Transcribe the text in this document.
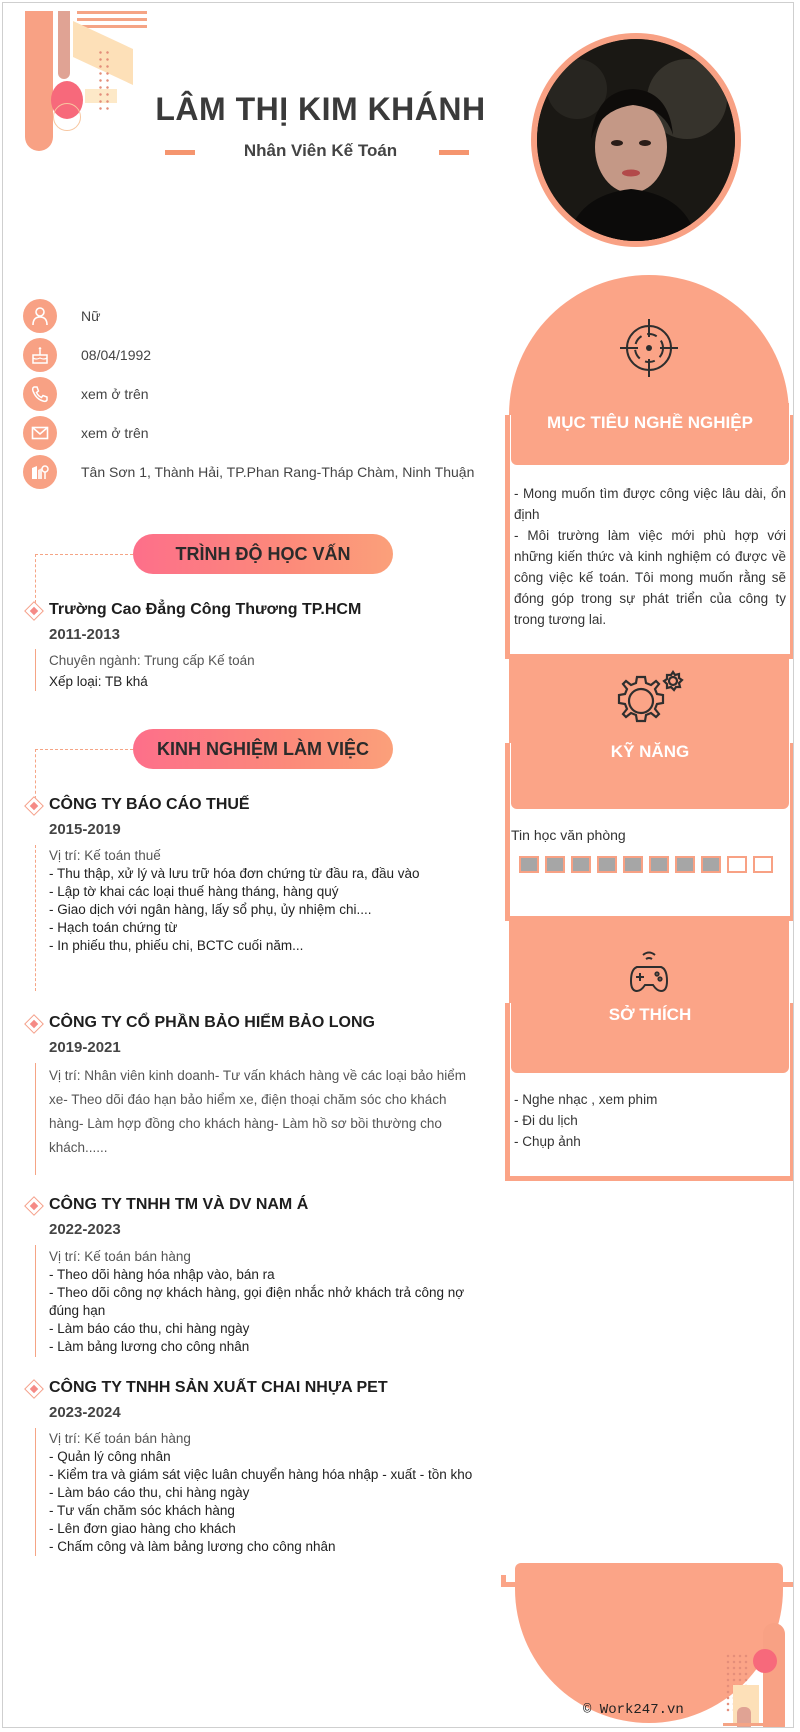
LÂM THỊ KIM KHÁNH
Nhân Viên Kế Toán
Nữ
08/04/1992
xem ở trên
xem ở trên
Tân Sơn 1, Thành Hải, TP.Phan Rang-Tháp Chàm, Ninh Thuận
TRÌNH ĐỘ HỌC VẤN
Trường Cao Đẳng Công Thương TP.HCM
2011-2013
Chuyên ngành: Trung cấp Kế toán
Xếp loại: TB khá
KINH NGHIỆM LÀM VIỆC
CÔNG TY BÁO CÁO THUẾ
2015-2019
Vị trí: Kế toán thuế
- Thu thập, xử lý và lưu trữ hóa đơn chứng từ đầu ra, đầu vào
- Lập tờ khai các loại thuế hàng tháng, hàng quý
- Giao dịch với ngân hàng, lấy sổ phụ, ủy nhiệm chi....
- Hạch toán chứng từ
- In phiếu thu, phiếu chi, BCTC cuối năm...
CÔNG TY CỔ PHẦN BẢO HIỂM BẢO LONG
2019-2021
Vị trí: Nhân viên kinh doanh- Tư vấn khách hàng về các loại bảo hiểm xe- Theo dõi đáo hạn bảo hiểm xe, điện thoại chăm sóc cho khách hàng- Làm hợp đồng cho khách hàng- Làm hồ sơ bồi thường cho khách......
CÔNG TY TNHH TM VÀ DV NAM Á
2022-2023
Vị trí: Kế toán bán hàng
- Theo dõi hàng hóa nhập vào, bán ra
- Theo dõi công nợ khách hàng, gọi điện nhắc nhở khách trả công nợ đúng hạn
- Làm báo cáo thu, chi hàng ngày
- Làm bảng lương cho công nhân
CÔNG TY TNHH SẢN XUẤT CHAI NHỰA PET
2023-2024
Vị trí: Kế toán bán hàng
- Quản lý công nhân
- Kiểm tra và giám sát việc luân chuyển hàng hóa nhập - xuất - tồn kho
- Làm báo cáo thu, chi hàng ngày
- Tư vấn chăm sóc khách hàng
- Lên đơn giao hàng cho khách
- Chấm công và làm bảng lương cho công nhân
MỤC TIÊU NGHỀ NGHIỆP
- Mong muốn tìm được công việc lâu dài, ổn định
- Môi trường làm việc mới phù hợp với những kiến thức và kinh nghiệm có được về công việc kế toán. Tôi mong muốn rằng sẽ đóng góp trong sự phát triển của công ty trong tương lai.
KỸ NĂNG
Tin học văn phòng
SỞ THÍCH
- Nghe nhạc , xem phim
- Đi du lịch
- Chụp ảnh
© Work247.vn
